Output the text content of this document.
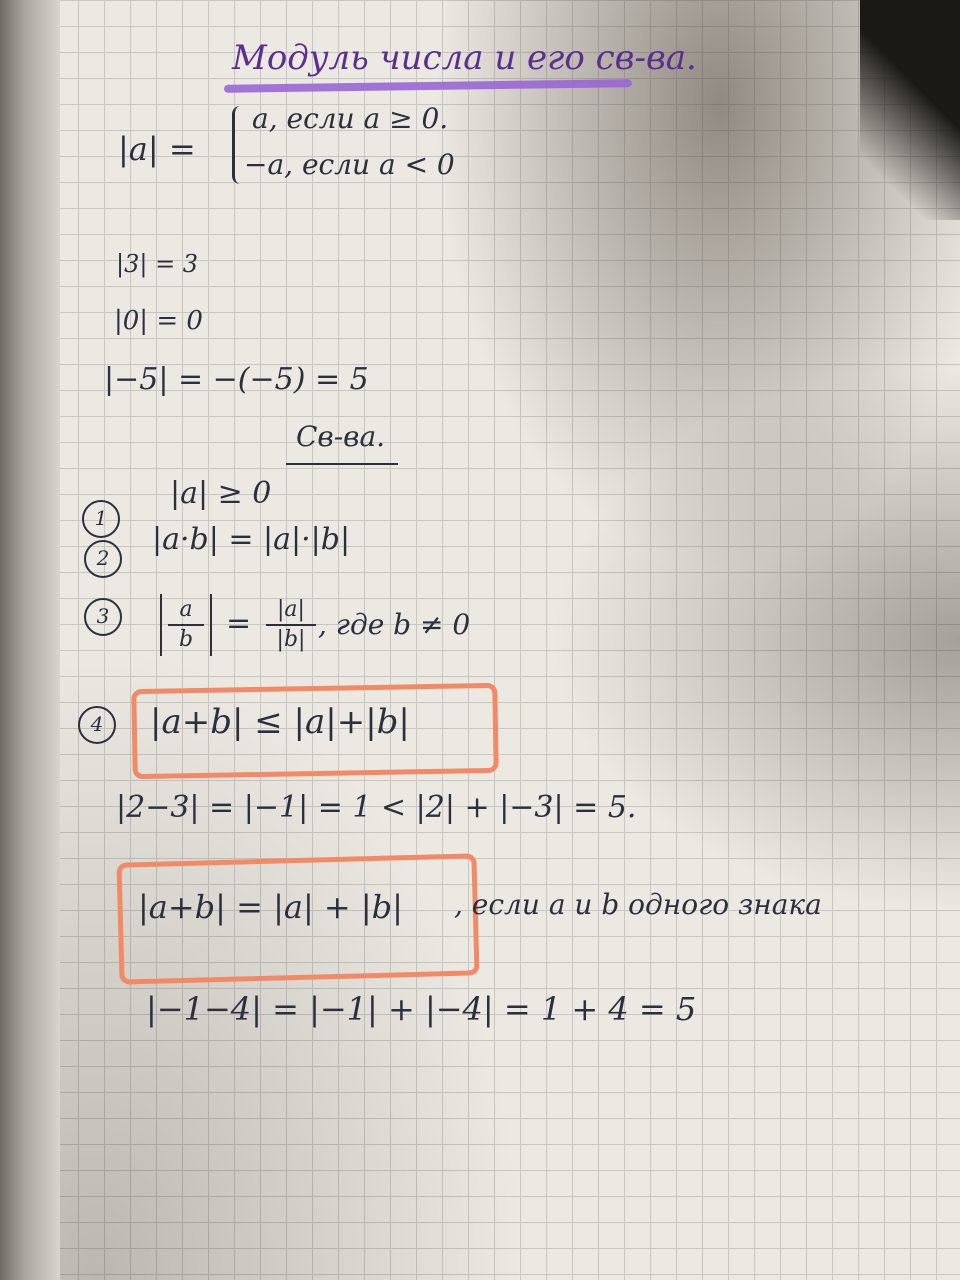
Модуль числа и его св-ва.
|a| =
a, если a ≥ 0.
−a, если a < 0
|3| = 3
|0| = 0
|−5| = −(−5) = 5
Св-ва.
1
|a| ≥ 0
2
|a·b| = |a|·|b|
3	$\frac{a}{b} = \frac{|a|}{|b|}$ , где b ≠ 0
4	|a+b| ≤ |a|+|b|
|2−3| = |−1| = 1 < |2| + |−3| = 5.
|a+b| = |a| + |b| , если a и b одного знака
|−1−4| = |−1| + |−4| = 1 + 4 = 5
